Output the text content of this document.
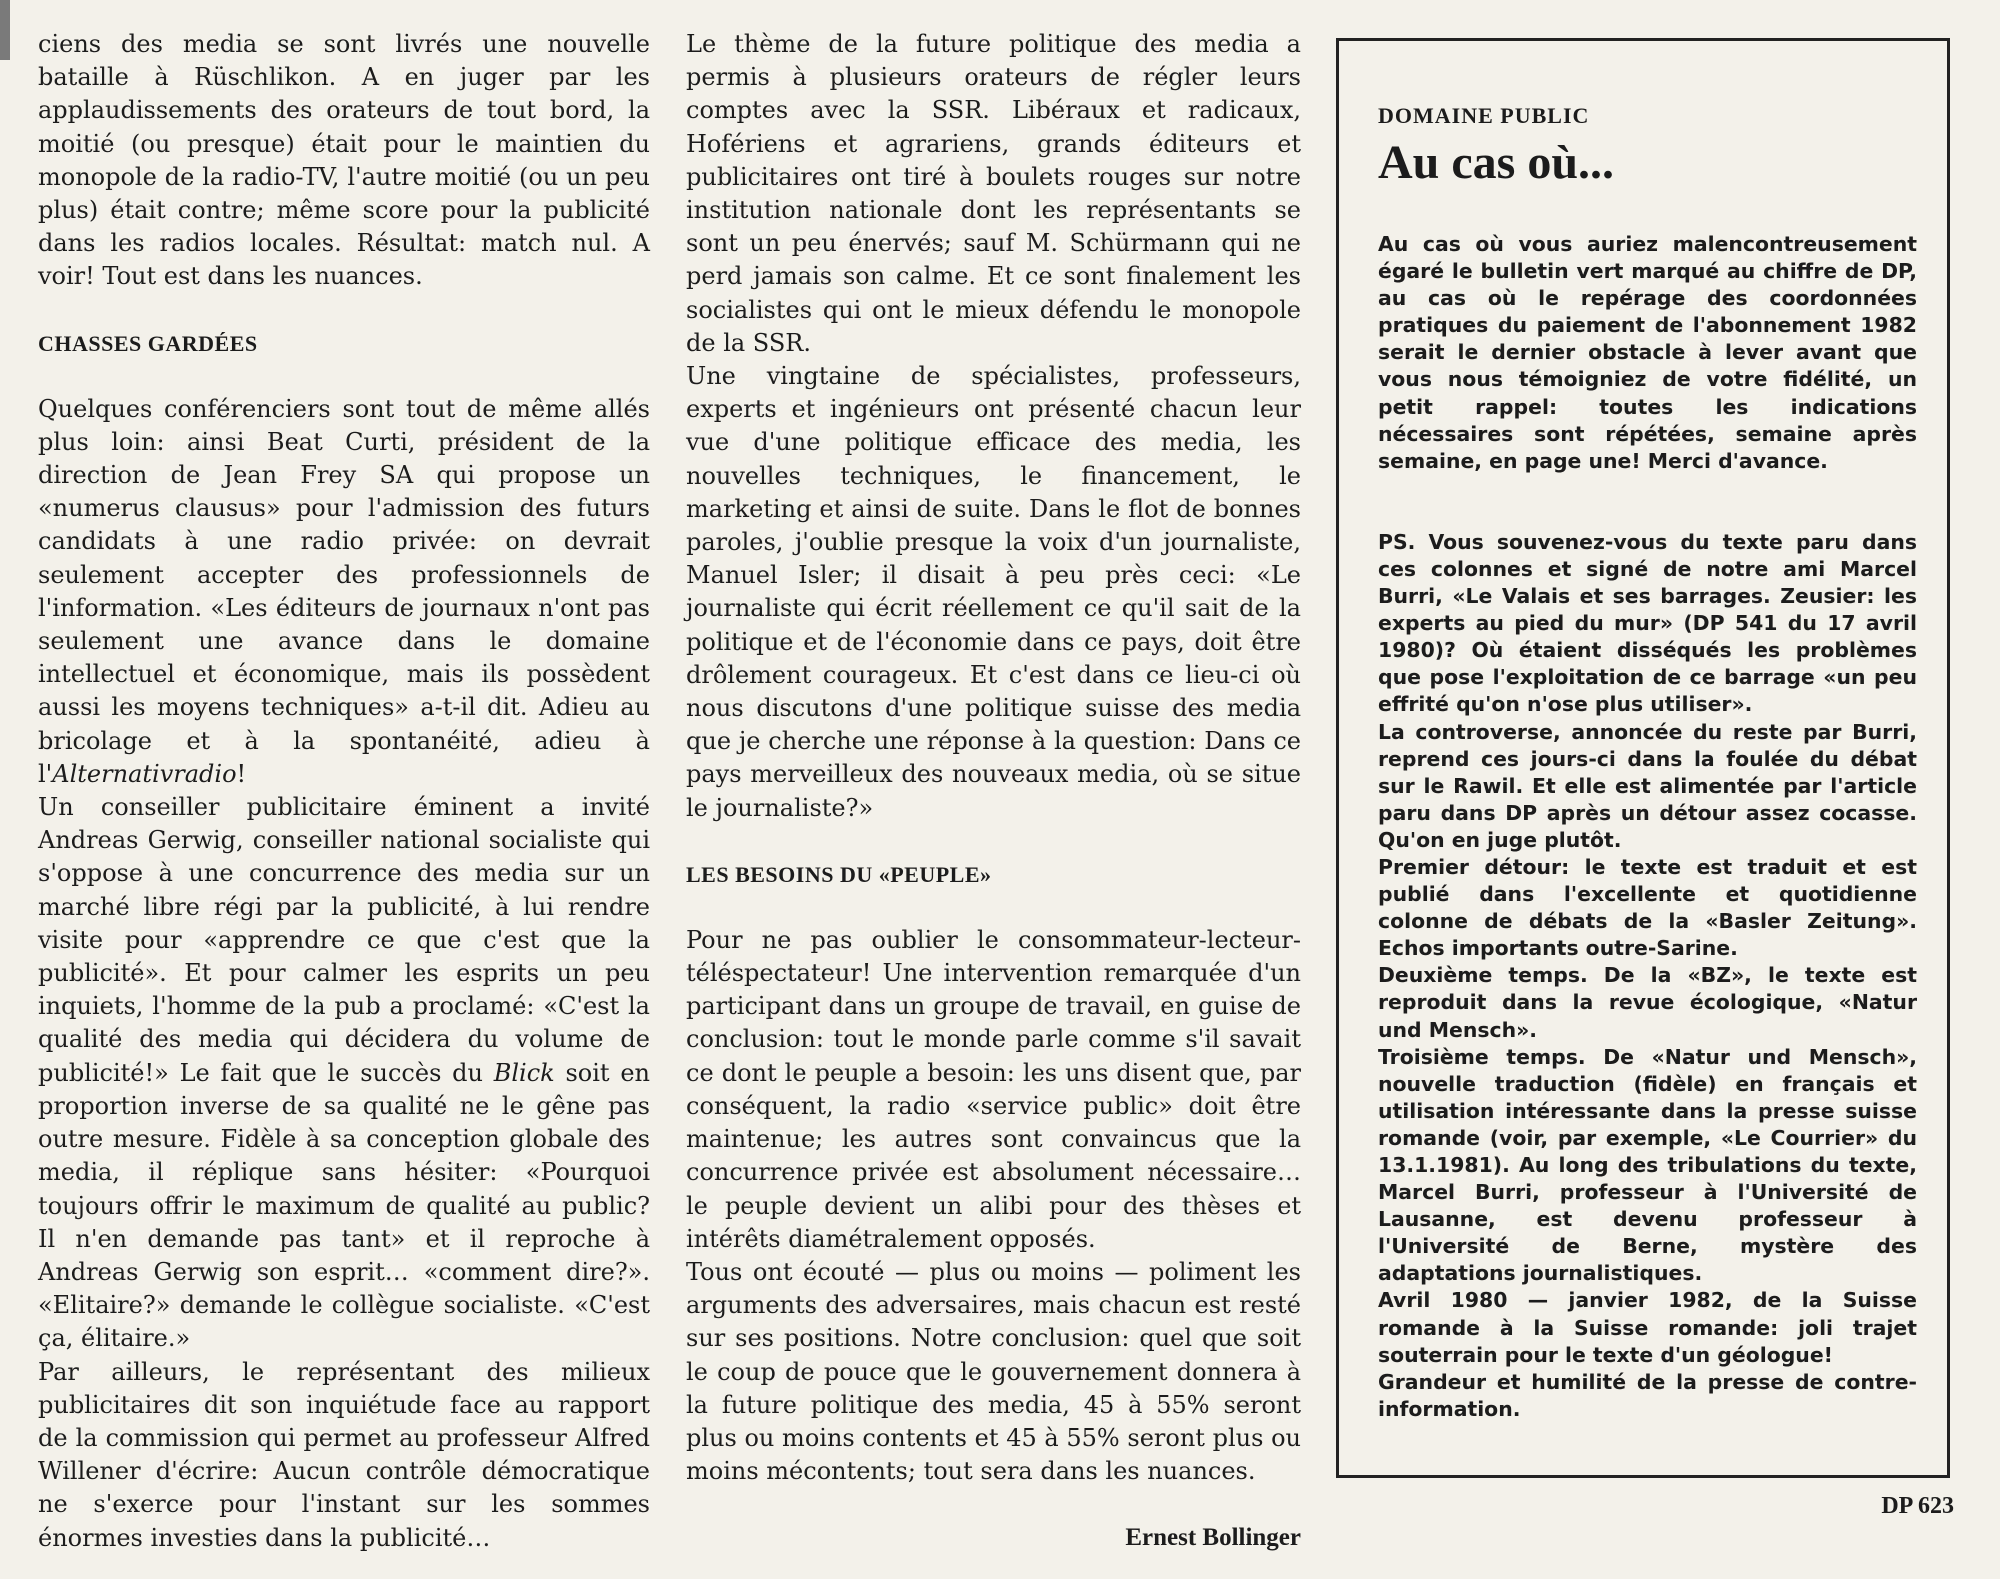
ciens des media se sont livrés une nouvelle bataille à Rüschlikon. A en juger par les applaudissements des orateurs de tout bord, la moitié (ou presque) était pour le maintien du monopole de la radio-TV, l'autre moitié (ou un peu plus) était contre; même score pour la publicité dans les radios locales. Résultat: match nul. A voir! Tout est dans les nuances.

CHASSES GARDÉES

Quelques conférenciers sont tout de même allés plus loin: ainsi Beat Curti, président de la direction de Jean Frey SA qui propose un «numerus clausus» pour l'admission des futurs candidats à une radio privée: on devrait seulement accepter des professionnels de l'information. «Les éditeurs de journaux n'ont pas seulement une avance dans le domaine intellectuel et économique, mais ils possèdent aussi les moyens techniques» a-t-il dit. Adieu au bricolage et à la spontanéité, adieu à l'Alternativradio!

Un conseiller publicitaire éminent a invité Andreas Gerwig, conseiller national socialiste qui s'oppose à une concurrence des media sur un marché libre régi par la publicité, à lui rendre visite pour «apprendre ce que c'est que la publicité». Et pour calmer les esprits un peu inquiets, l'homme de la pub a proclamé: «C'est la qualité des media qui décidera du volume de publicité!» Le fait que le succès du Blick soit en proportion inverse de sa qualité ne le gêne pas outre mesure. Fidèle à sa conception globale des media, il réplique sans hésiter: «Pourquoi toujours offrir le maximum de qualité au public? Il n'en demande pas tant» et il reproche à Andreas Gerwig son esprit… «comment dire?». «Elitaire?» demande le collègue socialiste. «C'est ça, élitaire.»

Par ailleurs, le représentant des milieux publicitaires dit son inquiétude face au rapport de la commission qui permet au professeur Alfred Willener d'écrire: Aucun contrôle démocratique ne s'exerce pour l'instant sur les sommes énormes investies dans la publicité…

Le thème de la future politique des media a permis à plusieurs orateurs de régler leurs comptes avec la SSR. Libéraux et radicaux, Hofériens et agrariens, grands éditeurs et publicitaires ont tiré à boulets rouges sur notre institution nationale dont les représentants se sont un peu énervés; sauf M. Schürmann qui ne perd jamais son calme. Et ce sont finalement les socialistes qui ont le mieux défendu le monopole de la SSR.

Une vingtaine de spécialistes, professeurs, experts et ingénieurs ont présenté chacun leur vue d'une politique efficace des media, les nouvelles techniques, le financement, le marketing et ainsi de suite. Dans le flot de bonnes paroles, j'oublie presque la voix d'un journaliste, Manuel Isler; il disait à peu près ceci: «Le journaliste qui écrit réellement ce qu'il sait de la politique et de l'économie dans ce pays, doit être drôlement courageux. Et c'est dans ce lieu-ci où nous discutons d'une politique suisse des media que je cherche une réponse à la question: Dans ce pays merveilleux des nouveaux media, où se situe le journaliste?»

LES BESOINS DU «PEUPLE»

Pour ne pas oublier le consommateur-lecteur-téléspectateur! Une intervention remarquée d'un participant dans un groupe de travail, en guise de conclusion: tout le monde parle comme s'il savait ce dont le peuple a besoin: les uns disent que, par conséquent, la radio «service public» doit être maintenue; les autres sont convaincus que la concurrence privée est absolument nécessaire… le peuple devient un alibi pour des thèses et intérêts diamétralement opposés.

Tous ont écouté — plus ou moins — poliment les arguments des adversaires, mais chacun est resté sur ses positions. Notre conclusion: quel que soit le coup de pouce que le gouvernement donnera à la future politique des media, 45 à 55% seront plus ou moins contents et 45 à 55% seront plus ou moins mécontents; tout sera dans les nuances.

Ernest Bollinger

DOMAINE PUBLIC

Au cas où...

Au cas où vous auriez malencontreusement égaré le bulletin vert marqué au chiffre de DP, au cas où le repérage des coordonnées pratiques du paiement de l'abonnement 1982 serait le dernier obstacle à lever avant que vous nous témoigniez de votre fidélité, un petit rappel: toutes les indications nécessaires sont répétées, semaine après semaine, en page une! Merci d'avance.

PS. Vous souvenez-vous du texte paru dans ces colonnes et signé de notre ami Marcel Burri, «Le Valais et ses barrages. Zeusier: les experts au pied du mur» (DP 541 du 17 avril 1980)? Où étaient disséqués les problèmes que pose l'exploitation de ce barrage «un peu effrité qu'on n'ose plus utiliser».

La controverse, annoncée du reste par Burri, reprend ces jours-ci dans la foulée du débat sur le Rawil. Et elle est alimentée par l'article paru dans DP après un détour assez cocasse. Qu'on en juge plutôt.

Premier détour: le texte est traduit et est publié dans l'excellente et quotidienne colonne de débats de la «Basler Zeitung». Echos importants outre-Sarine.

Deuxième temps. De la «BZ», le texte est reproduit dans la revue écologique, «Natur und Mensch».

Troisième temps. De «Natur und Mensch», nouvelle traduction (fidèle) en français et utilisation intéressante dans la presse suisse romande (voir, par exemple, «Le Courrier» du 13.1.1981). Au long des tribulations du texte, Marcel Burri, professeur à l'Université de Lausanne, est devenu professeur à l'Université de Berne, mystère des adaptations journalistiques.

Avril 1980 — janvier 1982, de la Suisse romande à la Suisse romande: joli trajet souterrain pour le texte d'un géologue!

Grandeur et humilité de la presse de contre-information.

DP 623
